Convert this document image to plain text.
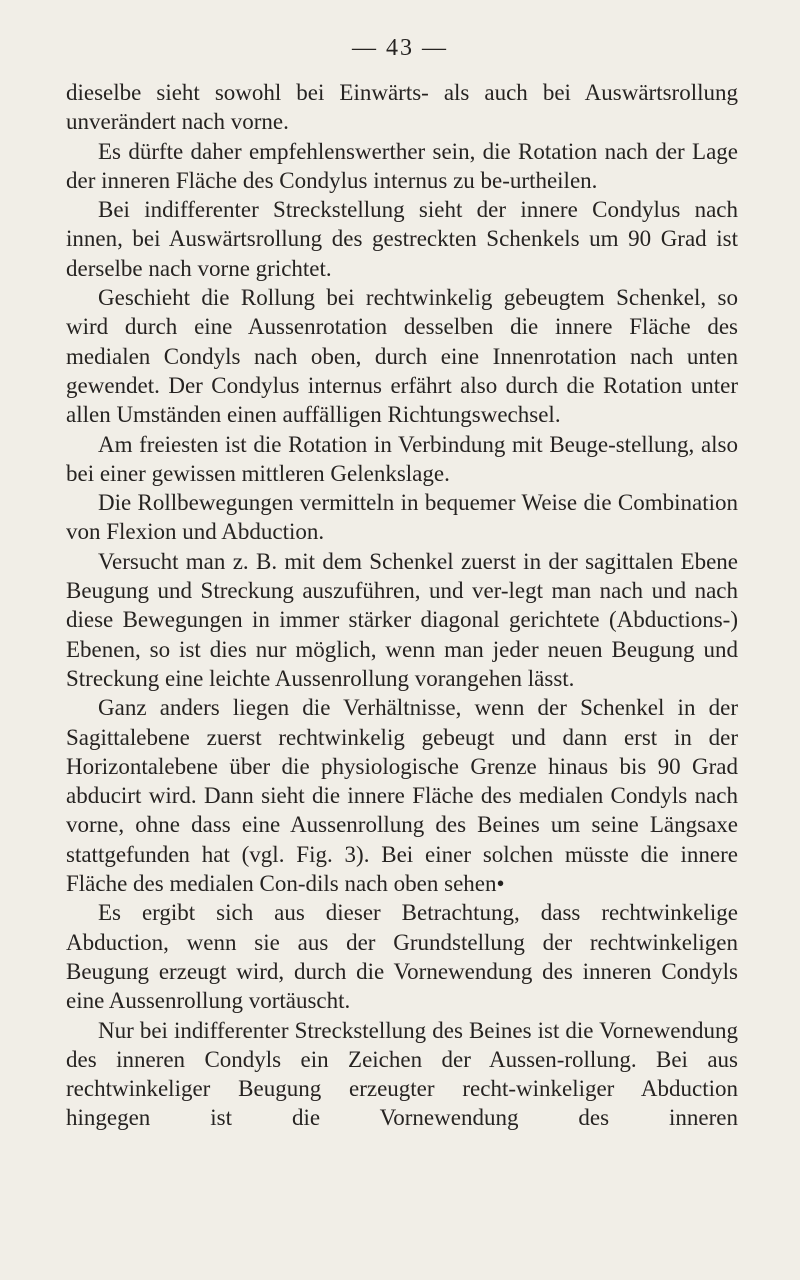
— 43 —

dieselbe sieht sowohl bei Einwärts- als auch bei Auswärtsrollung unverändert nach vorne.

Es dürfte daher empfehlenswerther sein, die Rotation nach der Lage der inneren Fläche des Condylus internus zu be-urtheilen.

Bei indifferenter Streckstellung sieht der innere Condylus nach innen, bei Auswärtsrollung des gestreckten Schenkels um 90 Grad ist derselbe nach vorne grichtet.

Geschieht die Rollung bei rechtwinkelig gebeugtem Schenkel, so wird durch eine Aussenrotation desselben die innere Fläche des medialen Condyls nach oben, durch eine Innenrotation nach unten gewendet. Der Condylus internus erfährt also durch die Rotation unter allen Umständen einen auffälligen Richtungswechsel.

Am freiesten ist die Rotation in Verbindung mit Beuge-stellung, also bei einer gewissen mittleren Gelenkslage.

Die Rollbewegungen vermitteln in bequemer Weise die Combination von Flexion und Abduction.

Versucht man z. B. mit dem Schenkel zuerst in der sagittalen Ebene Beugung und Streckung auszuführen, und ver-legt man nach und nach diese Bewegungen in immer stärker diagonal gerichtete (Abductions-) Ebenen, so ist dies nur möglich, wenn man jeder neuen Beugung und Streckung eine leichte Aussenrollung vorangehen lässt.

Ganz anders liegen die Verhältnisse, wenn der Schenkel in der Sagittalebene zuerst rechtwinkelig gebeugt und dann erst in der Horizontalebene über die physiologische Grenze hinaus bis 90 Grad abducirt wird. Dann sieht die innere Fläche des medialen Condyls nach vorne, ohne dass eine Aussenrollung des Beines um seine Längsaxe stattgefunden hat (vgl. Fig. 3). Bei einer solchen müsste die innere Fläche des medialen Con-dils nach oben sehen•

Es ergibt sich aus dieser Betrachtung, dass rechtwinkelige Abduction, wenn sie aus der Grundstellung der rechtwinkeligen Beugung erzeugt wird, durch die Vornewendung des inneren Condyls eine Aussenrollung vortäuscht.

Nur bei indifferenter Streckstellung des Beines ist die Vornewendung des inneren Condyls ein Zeichen der Aussen-rollung. Bei aus rechtwinkeliger Beugung erzeugter recht-winkeliger Abduction hingegen ist die Vornewendung des inneren
